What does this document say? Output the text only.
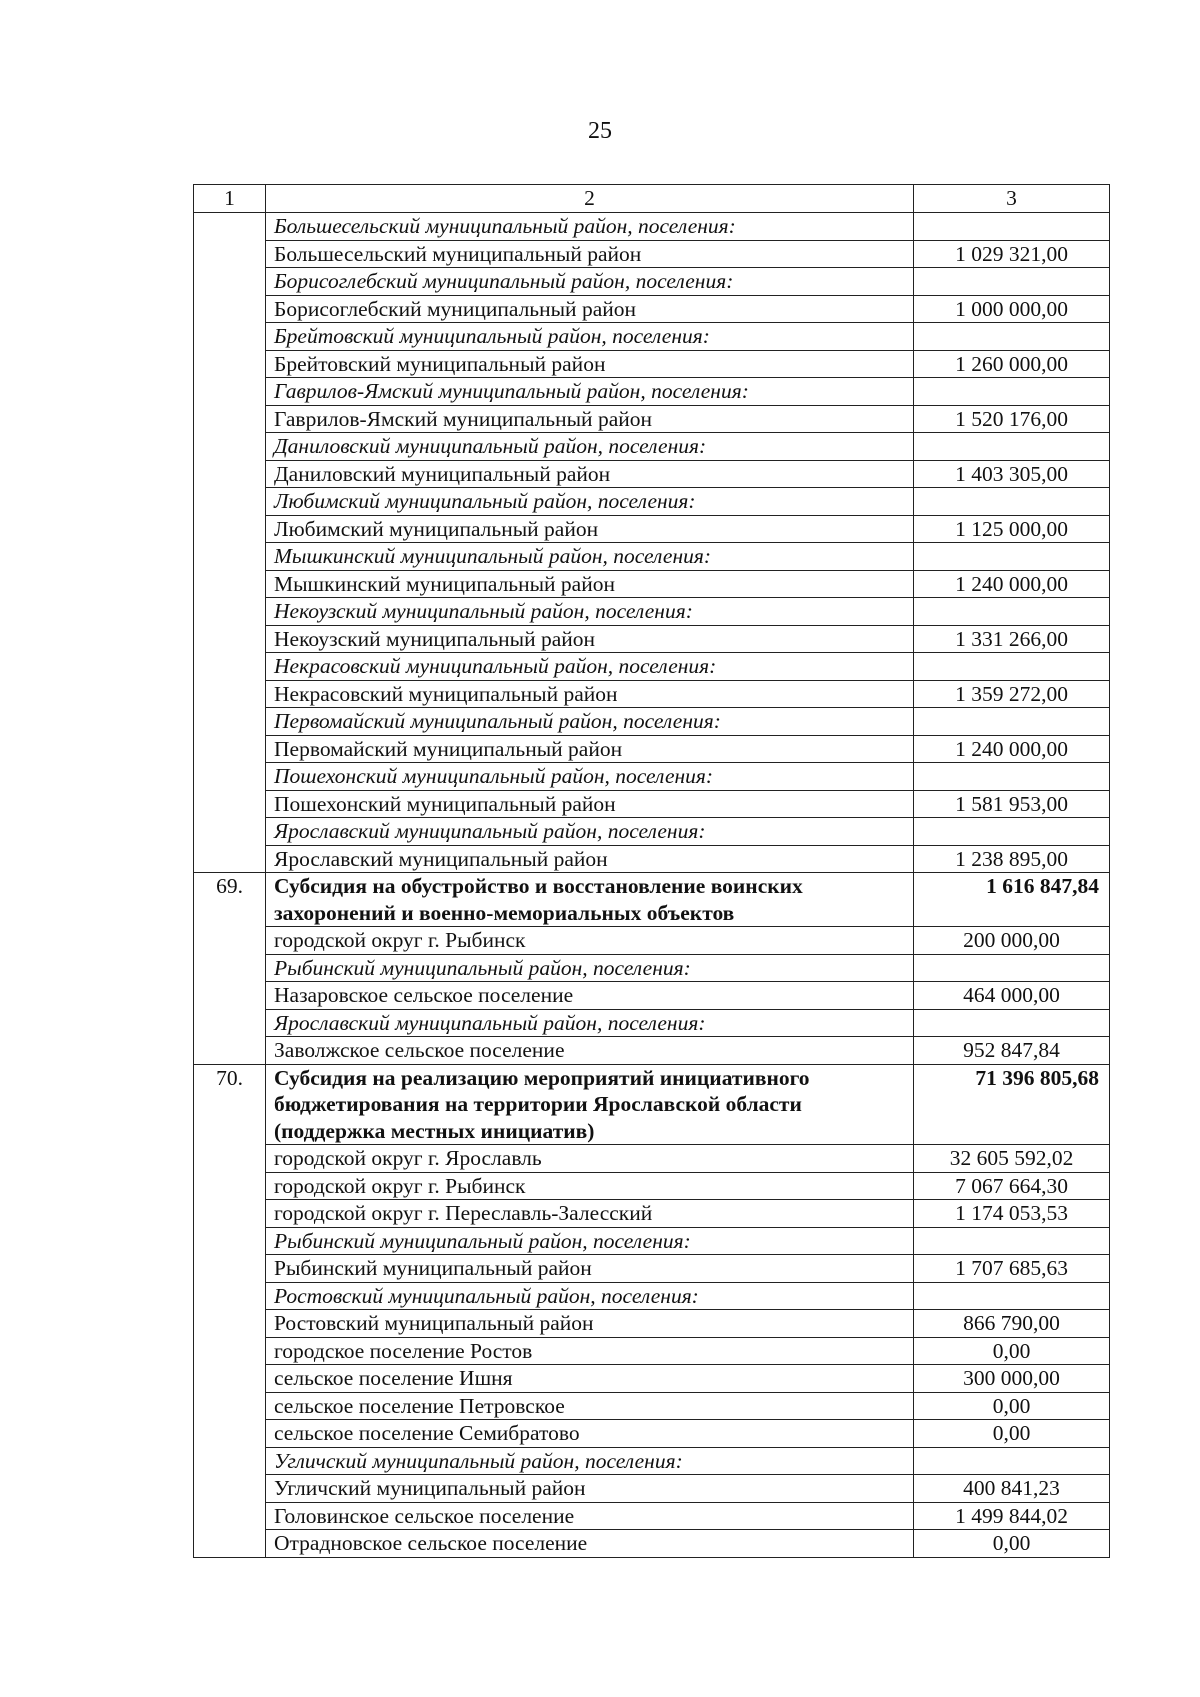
25
1	2	3
	Большесельский муниципальный район, поселения:	
	Большесельский муниципальный район	1 029 321,00
	Борисоглебский муниципальный район, поселения:	
	Борисоглебский муниципальный район	1 000 000,00
	Брейтовский муниципальный район, поселения:	
	Брейтовский муниципальный район	1 260 000,00
	Гаврилов-Ямский муниципальный район, поселения:	
	Гаврилов-Ямский муниципальный район	1 520 176,00
	Даниловский муниципальный район, поселения:	
	Даниловский муниципальный район	1 403 305,00
	Любимский муниципальный район, поселения:	
	Любимский муниципальный район	1 125 000,00
	Мышкинский муниципальный район, поселения:	
	Мышкинский муниципальный район	1 240 000,00
	Некоузский муниципальный район, поселения:	
	Некоузский муниципальный район	1 331 266,00
	Некрасовский муниципальный район, поселения:	
	Некрасовский муниципальный район	1 359 272,00
	Первомайский муниципальный район, поселения:	
	Первомайский муниципальный район	1 240 000,00
	Пошехонский муниципальный район, поселения:	
	Пошехонский муниципальный район	1 581 953,00
	Ярославский муниципальный район, поселения:	
	Ярославский муниципальный район	1 238 895,00
69.	Субсидия на обустройство и восстановление воинских захоронений и военно-мемориальных объектов	1 616 847,84
	городской округ г. Рыбинск	200 000,00
	Рыбинский муниципальный район, поселения:	
	Назаровское сельское поселение	464 000,00
	Ярославский муниципальный район, поселения:	
	Заволжское сельское поселение	952 847,84
70.	Субсидия на реализацию мероприятий инициативного бюджетирования на территории Ярославской области (поддержка местных инициатив)	71 396 805,68
	городской округ г. Ярославль	32 605 592,02
	городской округ г. Рыбинск	7 067 664,30
	городской округ г. Переславль-Залесский	1 174 053,53
	Рыбинский муниципальный район, поселения:	
	Рыбинский муниципальный район	1 707 685,63
	Ростовский муниципальный район, поселения:	
	Ростовский муниципальный район	866 790,00
	городское поселение Ростов	0,00
	сельское поселение Ишня	300 000,00
	сельское поселение Петровское	0,00
	сельское поселение Семибратово	0,00
	Угличский муниципальный район, поселения:	
	Угличский муниципальный район	400 841,23
	Головинское сельское поселение	1 499 844,02
	Отрадновское сельское поселение	0,00
